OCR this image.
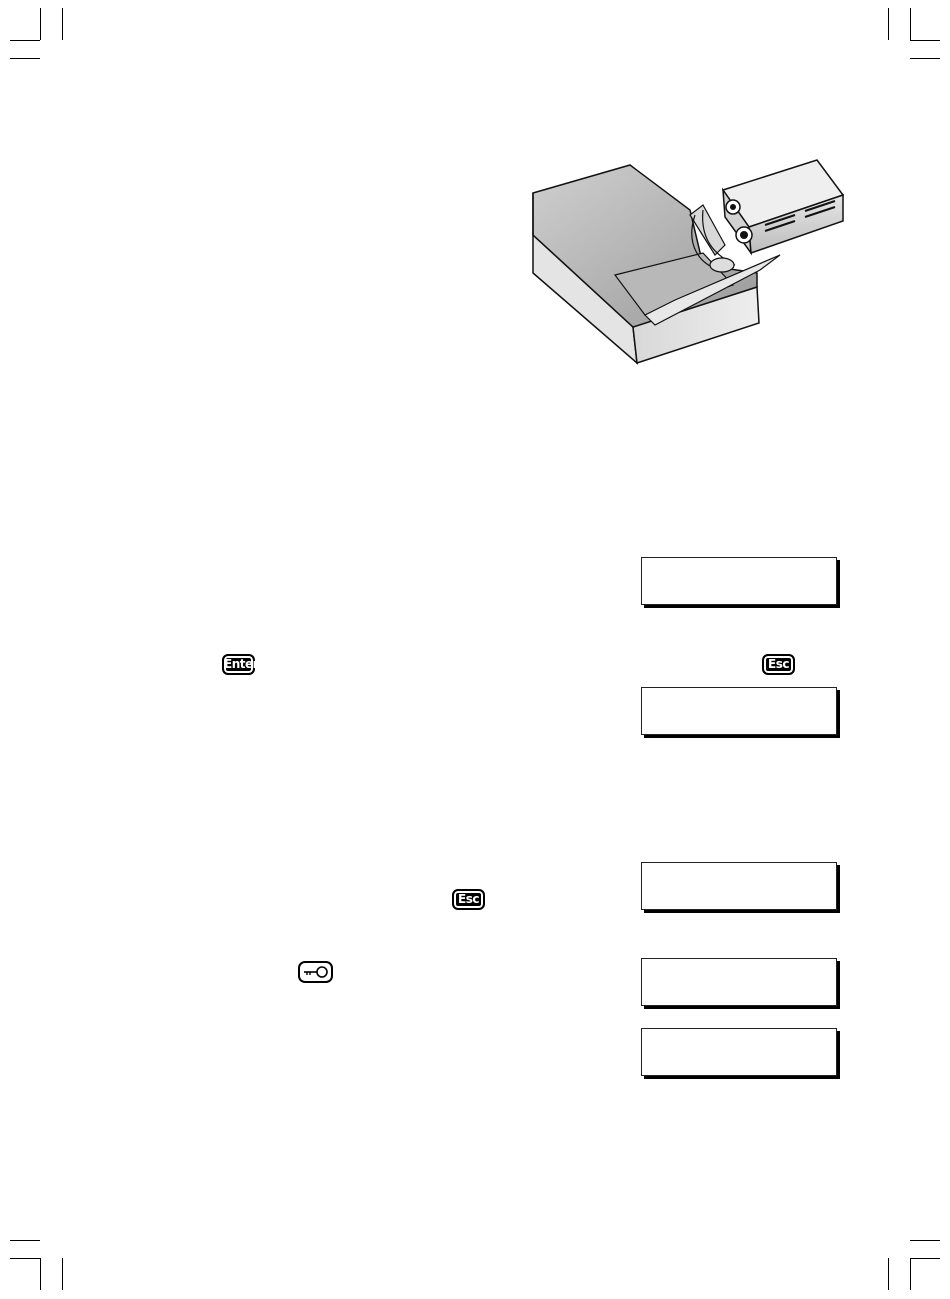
Enter	Esc

Esc
